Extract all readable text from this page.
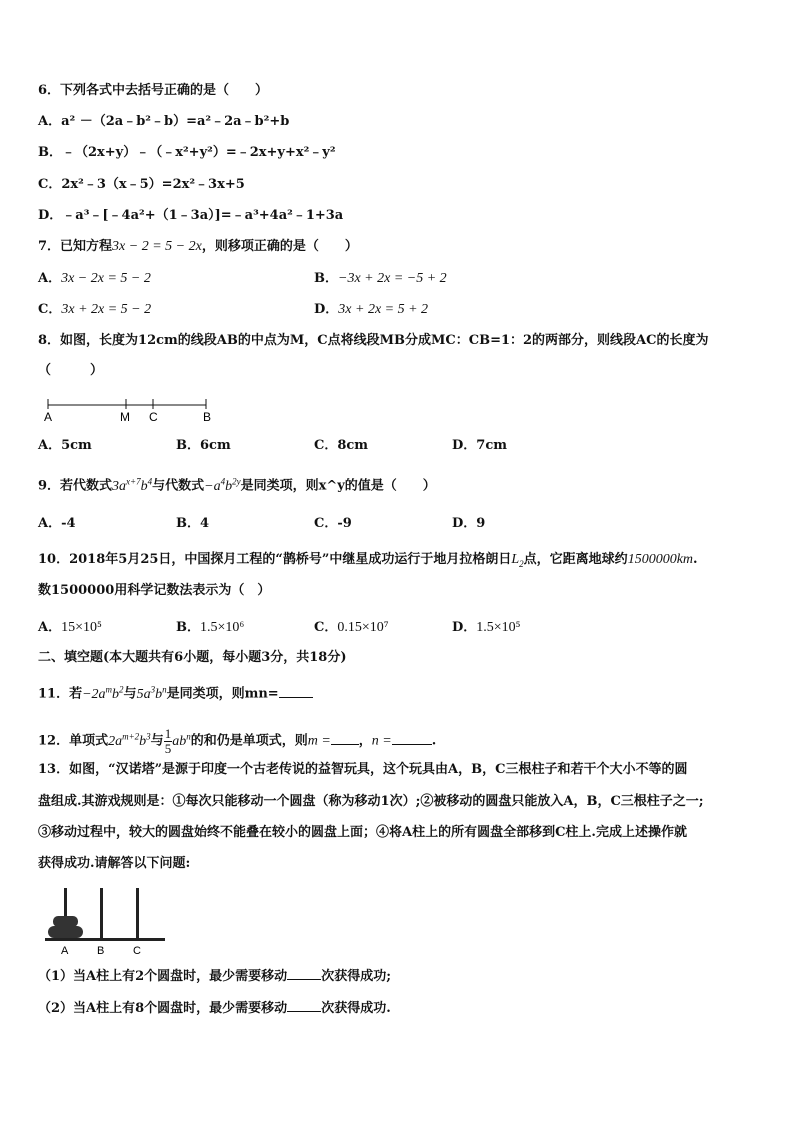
6．下列各式中去括号正确的是（　　）
A．a² －（2a﹣b²﹣b）=a²﹣2a﹣b²+b
B．﹣（2x+y）﹣（﹣x²+y²）=﹣2x+y+x²﹣y²
C．2x²﹣3（x﹣5）=2x²﹣3x+5
D．﹣a³﹣[﹣4a²+（1﹣3a）]=﹣a³+4a²﹣1+3a
7．已知方程3x − 2 = 5 − 2x，则移项正确的是（　　）
A．3x − 2x = 5 − 2	B．−3x + 2x = −5 + 2
C．3x + 2x = 5 − 2	D．3x + 2x = 5 + 2
8．如图，长度为12cm的线段AB的中点为M，C点将线段MB分成MC：CB=1：2的两部分，则线段AC的长度为
（　　　）
A	M C	B
A．5cm	B．6cm	C．8cm	D．7cm
9．若代数式$3a^{x+7}b^4$与代数式$-a^4b^{2y}$是同类项，则x^y的值是（　　）
A．-4	B．4	C．-9	D．9
10．2018年5月25日，中国探月工程的“鹊桥号”中继星成功运行于地月拉格朗日$L_2$点，它距离地球约1500000km.
数1500000用科学记数法表示为（　）
A．15×10⁵	B．1.5×10⁶	C．0.15×10⁷	D．1.5×10⁵
二、填空题(本大题共有6小题，每小题3分，共18分)
11．若$-2a^mb^2$与$5a^3b^n$是同类项，则mn=
12．单项式$2a^{m+2}b^3$与 $\frac{1}{5} ab^n$的和仍是单项式，则m = ，n =	.
13．如图，“汉诺塔”是源于印度一个古老传说的益智玩具，这个玩具由A，B，C三根柱子和若干个大小不等的圆
盘组成.其游戏规则是：①每次只能移动一个圆盘（称为移动1次）;②被移动的圆盘只能放入A，B，C三根柱子之一;
③移动过程中，较大的圆盘始终不能叠在较小的圆盘上面；④将A柱上的所有圆盘全部移到C柱上.完成上述操作就
获得成功.请解答以下问题:
A	B	C
（1）当A柱上有2个圆盘时，最少需要移动	次获得成功;
（2）当A柱上有8个圆盘时，最少需要移动	次获得成功.
